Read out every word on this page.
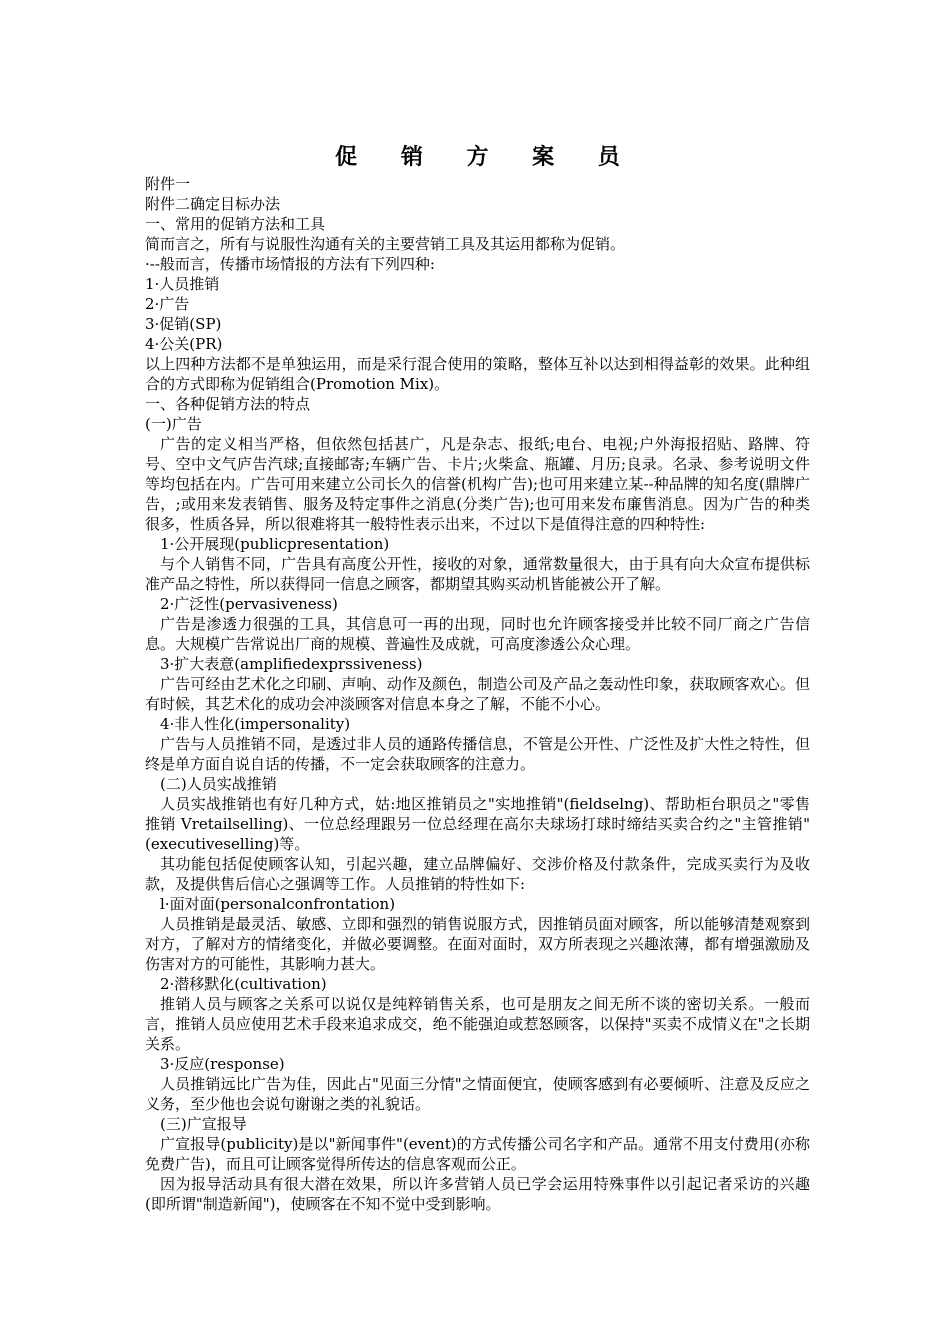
促 销 方 案 员

附件一

附件二确定目标办法

一、常用的促销方法和工具

简而言之，所有与说服性沟通有关的主要营销工具及其运用都称为促销。

·--般而言，传播市场情报的方法有下列四种:

1·人员推销

2·广告

3·促销(SP)

4·公关(PR)

以上四种方法都不是单独运用，而是采行混合使用的策略，整体互补以达到相得益彰的效果。此种组合的方式即称为促销组合(Promotion Mix)。

一、各种促销方法的特点

(一)广告

广告的定义相当严格，但依然包括甚广，凡是杂志、报纸;电台、电视;户外海报招贴、路牌、符号、空中文气庐告汽球;直接邮寄;车辆广告、卡片;火柴盒、瓶罐、月历;良录。名录、参考说明文件等均包括在内。广告可用来建立公司长久的信誉(机构广告);也可用来建立某--种品牌的知名度(鼎牌广告，;或用来发表销售、服务及特定事件之消息(分类广告);也可用来发布廉售消息。因为广告的种类很多，性质各异，所以很难将其一般特性表示出来，不过以下是值得注意的四种特性:

1·公开展现(publicpresentation)

与个人销售不同，广告具有高度公开性，接收的对象，通常数量很大，由于具有向大众宣布提供标准产品之特性，所以获得同一信息之顾客，都期望其购买动机皆能被公开了解。

2·广泛性(pervasiveness)

广告是渗透力很强的工具，其信息可一再的出现，同时也允许顾客接受并比较不同厂商之广告信息。大规模广告常说出厂商的规模、普遍性及成就，可高度渗透公众心理。

3·扩大表意(amplifiedexprssiveness)

广告可经由艺术化之印刷、声响、动作及颜色，制造公司及产品之轰动性印象，获取顾客欢心。但有时候，其艺术化的成功会冲淡顾客对信息本身之了解，不能不小心。

4·非人性化(impersonality)

广告与人员推销不同，是透过非人员的通路传播信息，不管是公开性、广泛性及扩大性之特性，但终是单方面自说自话的传播，不一定会获取顾客的注意力。

(二)人员实战推销

人员实战推销也有好几种方式，姑:地区推销员之"实地推销"(fieldselng)、帮助柜台职员之"零售推销 Vretailselling)、一位总经理跟另一位总经理在高尔夫球场打球时缔结买卖合约之"主管推销"(executiveselling)等。

其功能包括促使顾客认知，引起兴趣，建立品牌偏好、交涉价格及付款条件，完成买卖行为及收款，及提供售后信心之强调等工作。人员推销的特性如下:

l·面对面(personalconfrontation)

人员推销是最灵活、敏感、立即和强烈的销售说服方式，因推销员面对顾客，所以能够清楚观察到对方，了解对方的情绪变化，并做必要调整。在面对面时，双方所表现之兴趣浓薄，都有增强激励及伤害对方的可能性，其影响力甚大。

2·潜移默化(cultivation)

推销人员与顾客之关系可以说仅是纯粹销售关系，也可是朋友之间无所不谈的密切关系。一般而言，推销人员应使用艺术手段来追求成交，绝不能强迫或惹怒顾客，以保持"买卖不成情义在"之长期关系。

3·反应(response)

人员推销远比广告为佳，因此占"见面三分情"之情面便宜，使顾客感到有必要倾听、注意及反应之义务，至少他也会说句谢谢之类的礼貌话。

(三)广宣报导

广宣报导(publicity)是以"新闻事件"(event)的方式传播公司名字和产品。通常不用支付费用(亦称免费广告)，而且可让顾客觉得所传达的信息客观而公正。

因为报导活动具有很大潜在效果，所以许多营销人员已学会运用特殊事件以引起记者采访的兴趣(即所谓"制造新闻")，使顾客在不知不觉中受到影响。
